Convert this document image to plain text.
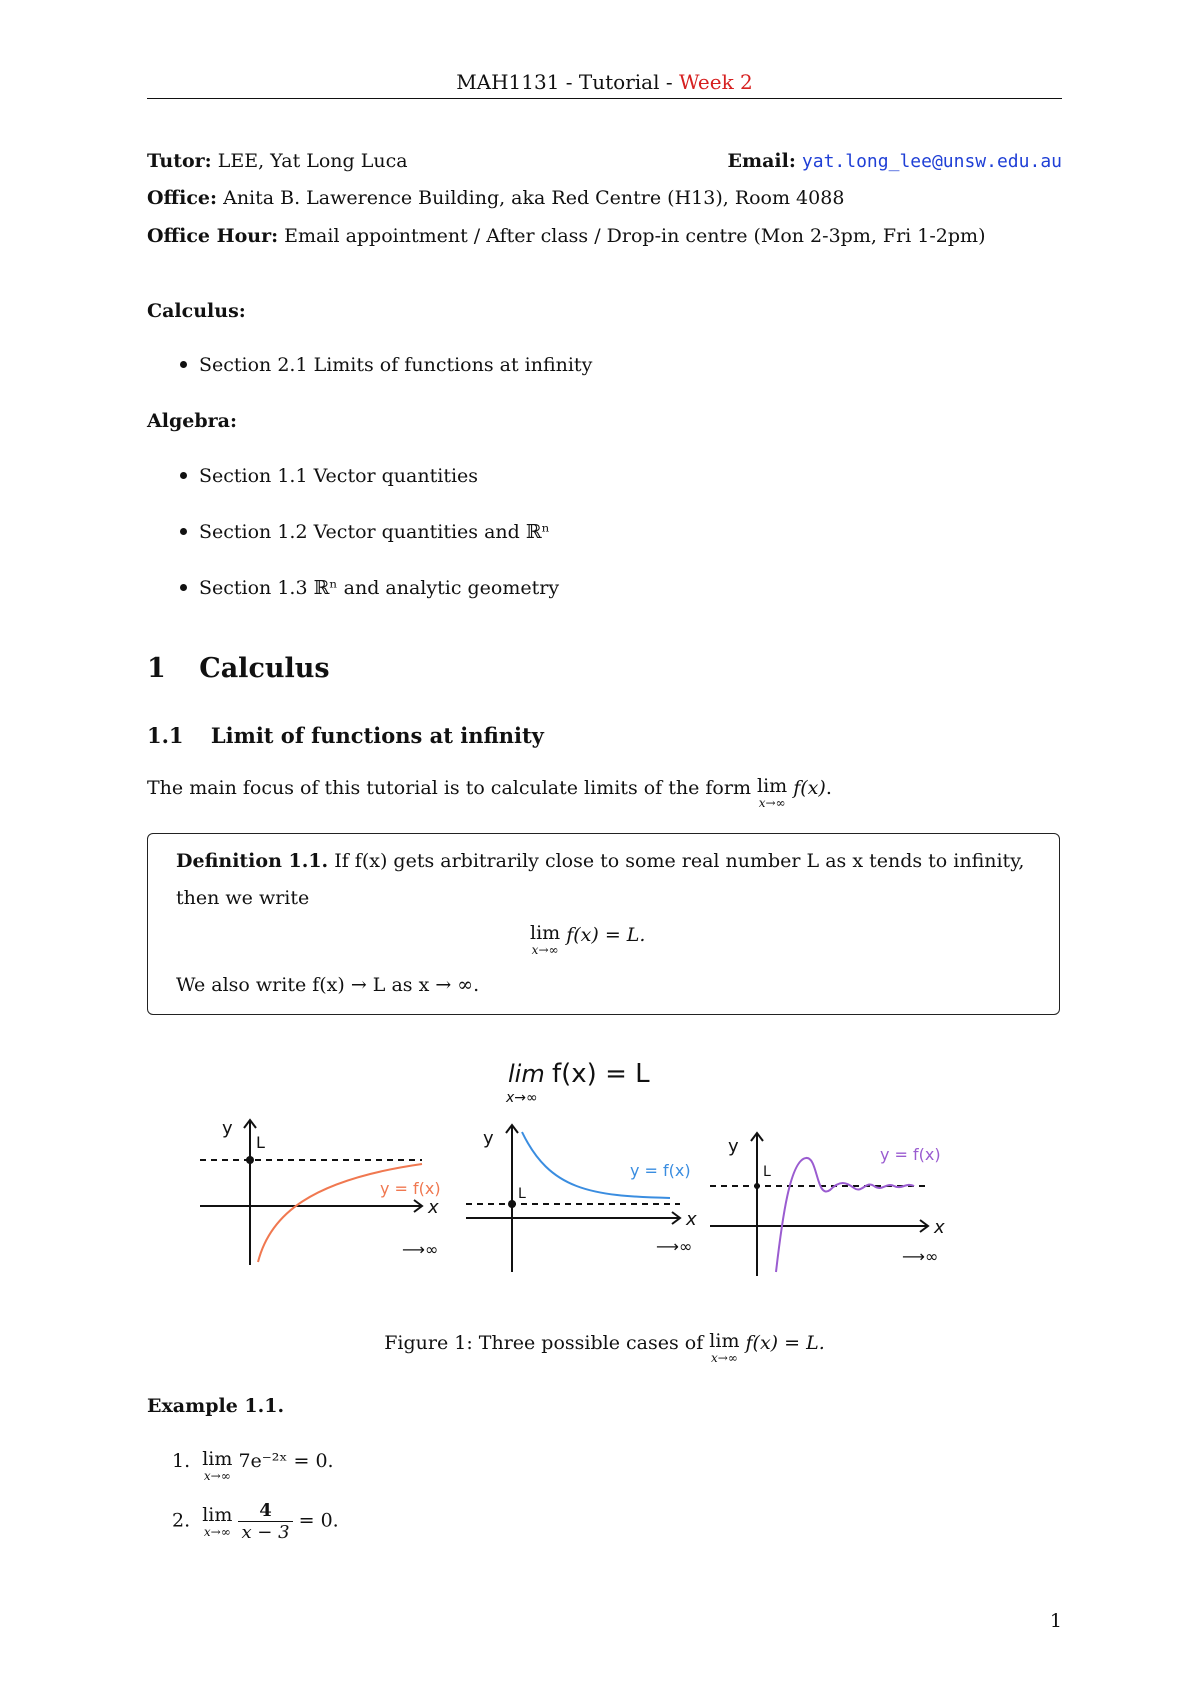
MAH1131 - Tutorial - Week 2
Tutor: LEE, Yat Long Luca	Email: yat.long_lee@unsw.edu.au
Office: Anita B. Lawerence Building, aka Red Centre (H13), Room 4088
Office Hour: Email appointment / After class / Drop-in centre (Mon 2-3pm, Fri 1-2pm)
Calculus:
Section 2.1 Limits of functions at infinity
Algebra:
Section 1.1 Vector quantities
Section 1.2 Vector quantities and ℝⁿ
Section 1.3 ℝⁿ and analytic geometry
1 Calculus
1.1 Limit of functions at infinity
The main focus of this tutorial is to calculate limits of the form lim
x→∞
f(x).
Definition 1.1. If f(x) gets arbitrarily close to some real number L as x tends to infinity,
then we write
lim
x→∞
f(x) = L.
We also write f(x) → L as x → ∞.
lim
x→∞
f(x) = L
y
L
x
y = f(x)
⟶∞
y
L
x
y = f(x)
⟶∞
y
L
x
y = f(x)
⟶∞
Figure 1: Three possible cases of lim
x→∞
f(x) = L.
Example 1.1.
1.  lim
x→∞
7e⁻²ˣ = 0.
2.  lim
x→∞
$\frac{4}{x - 3} = 0$.
1
